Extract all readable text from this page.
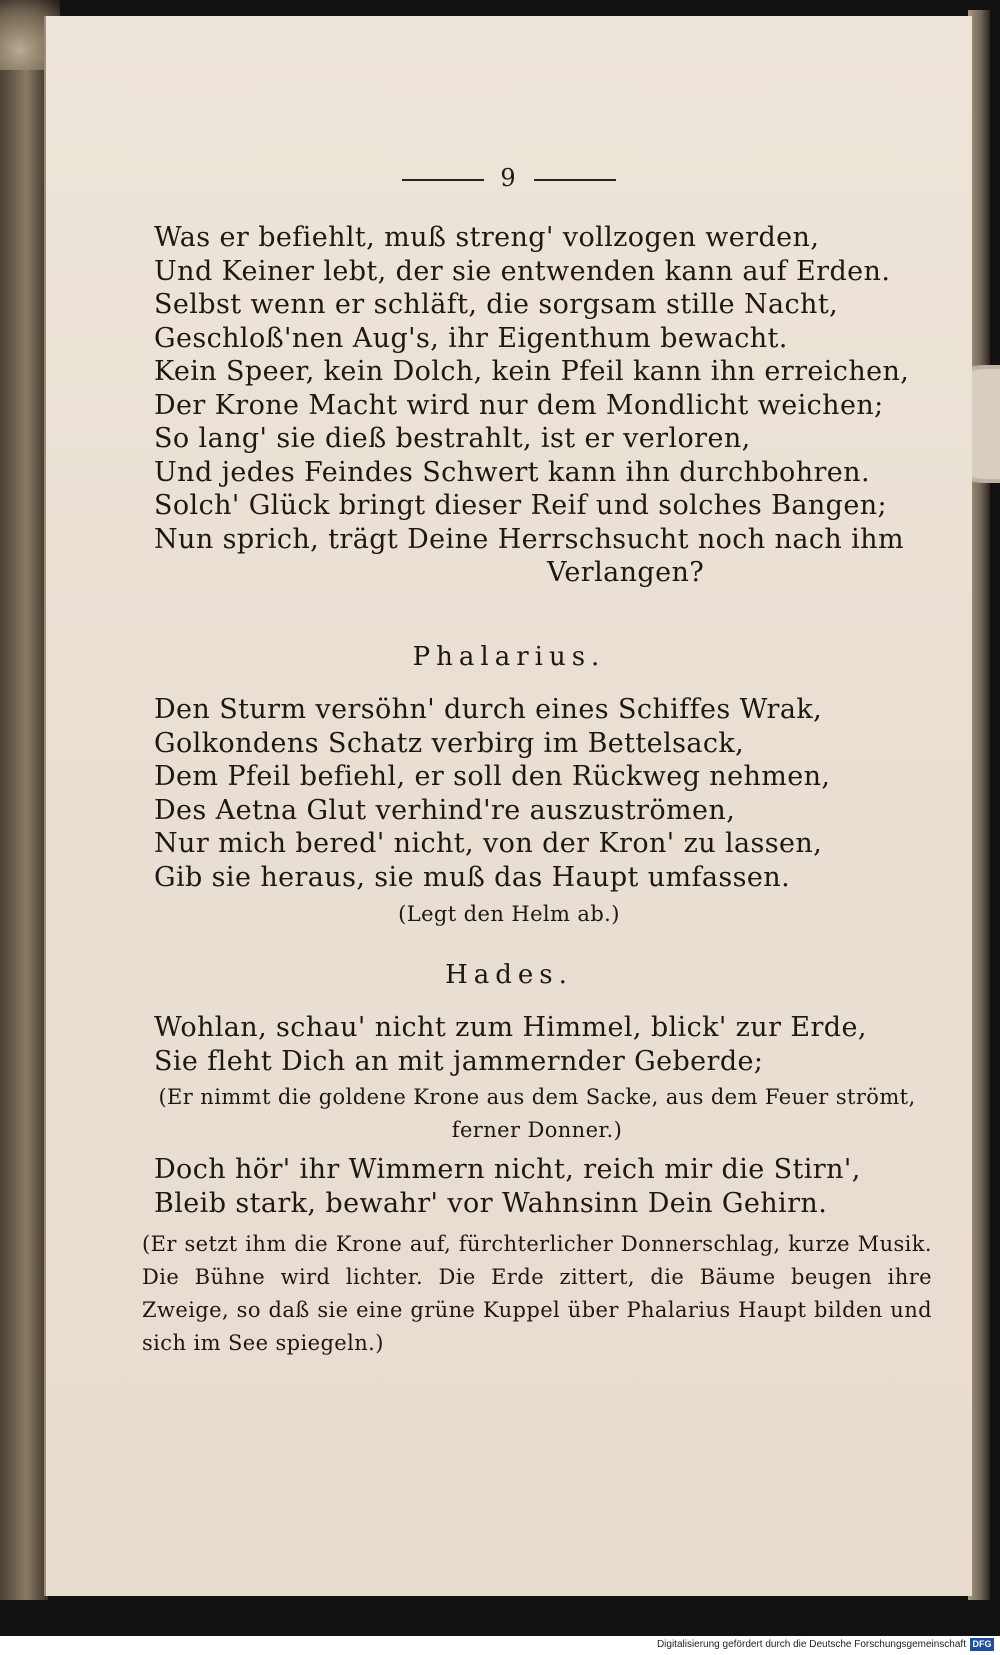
9
Was er befiehlt, muß streng' vollzogen werden,
Und Keiner lebt, der sie entwenden kann auf Erden.
Selbst wenn er schläft, die sorgsam stille Nacht,
Geschloß'nen Aug's, ihr Eigenthum bewacht.
Kein Speer, kein Dolch, kein Pfeil kann ihn erreichen,
Der Krone Macht wird nur dem Mondlicht weichen;
So lang' sie dieß bestrahlt, ist er verloren,
Und jedes Feindes Schwert kann ihn durchbohren.
Solch' Glück bringt dieser Reif und solches Bangen;
Nun sprich, trägt Deine Herrschsucht noch nach ihm
Verlangen?
Phalarius.
Den Sturm versöhn' durch eines Schiffes Wrak,
Golkondens Schatz verbirg im Bettelsack,
Dem Pfeil befiehl, er soll den Rückweg nehmen,
Des Aetna Glut verhind're auszuströmen,
Nur mich bered' nicht, von der Kron' zu lassen,
Gib sie heraus, sie muß das Haupt umfassen.
(Legt den Helm ab.)
Hades.
Wohlan, schau' nicht zum Himmel, blick' zur Erde,
Sie fleht Dich an mit jammernder Geberde;
(Er nimmt die goldene Krone aus dem Sacke, aus dem Feuer strömt, ferner Donner.)
Doch hör' ihr Wimmern nicht, reich mir die Stirn',
Bleib stark, bewahr' vor Wahnsinn Dein Gehirn.
(Er setzt ihm die Krone auf, fürchterlicher Donnerschlag, kurze Musik. Die Bühne wird lichter. Die Erde zittert, die Bäume beugen ihre Zweige, so daß sie eine grüne Kuppel über Phalarius Haupt bilden und sich im See spiegeln.)
Digitalisierung gefördert durch die Deutsche Forschungsgemeinschaft DFG
